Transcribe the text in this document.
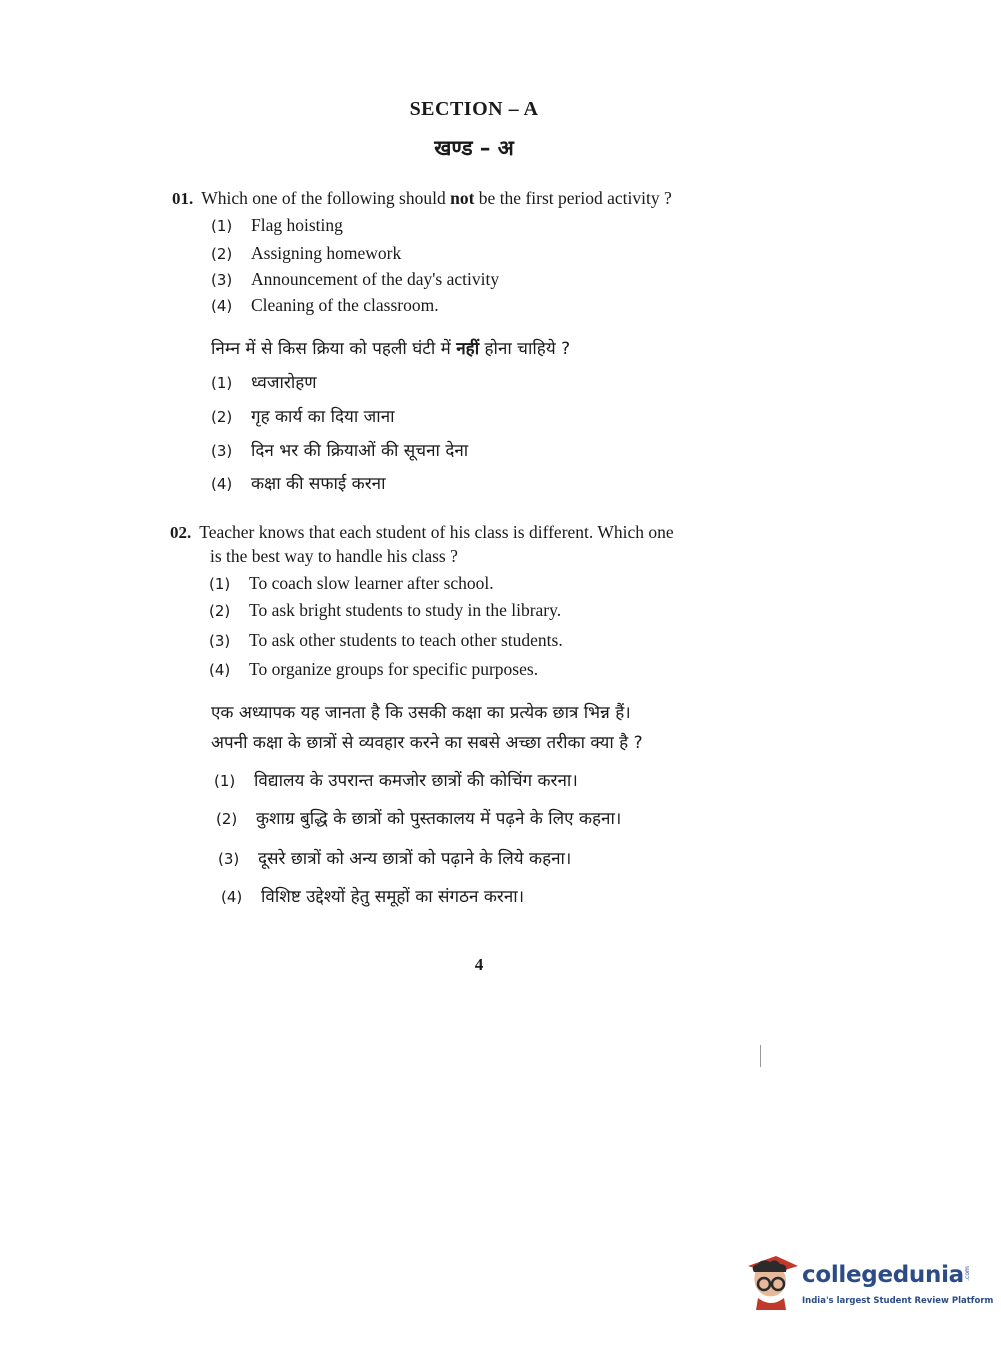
SECTION – A
खण्ड – अ
01. Which one of the following should not be the first period activity ?
(1) Flag hoisting
(2) Assigning homework
(3) Announcement of the day's activity
(4) Cleaning of the classroom.
निम्न में से किस क्रिया को पहली घंटी में नहीं होना चाहिये ?
(1) ध्वजारोहण
(2) गृह कार्य का दिया जाना
(3) दिन भर की क्रियाओं की सूचना देना
(4) कक्षा की सफाई करना
02. Teacher knows that each student of his class is different. Which one
is the best way to handle his class ?
(1) To coach slow learner after school.
(2) To ask bright students to study in the library.
(3) To ask other students to teach other students.
(4) To organize groups for specific purposes.
एक अध्यापक यह जानता है कि उसकी कक्षा का प्रत्येक छात्र भिन्न हैं।
अपनी कक्षा के छात्रों से व्यवहार करने का सबसे अच्छा तरीका क्या है ?
(1) विद्यालय के उपरान्त कमजोर छात्रों की कोचिंग करना।
(2) कुशाग्र बुद्धि के छात्रों को पुस्तकालय में पढ़ने के लिए कहना।
(3) दूसरे छात्रों को अन्य छात्रों को पढ़ाने के लिये कहना।
(4) विशिष्ट उद्देश्यों हेतु समूहों का संगठन करना।
4
collegedunia .com
India's largest Student Review Platform
